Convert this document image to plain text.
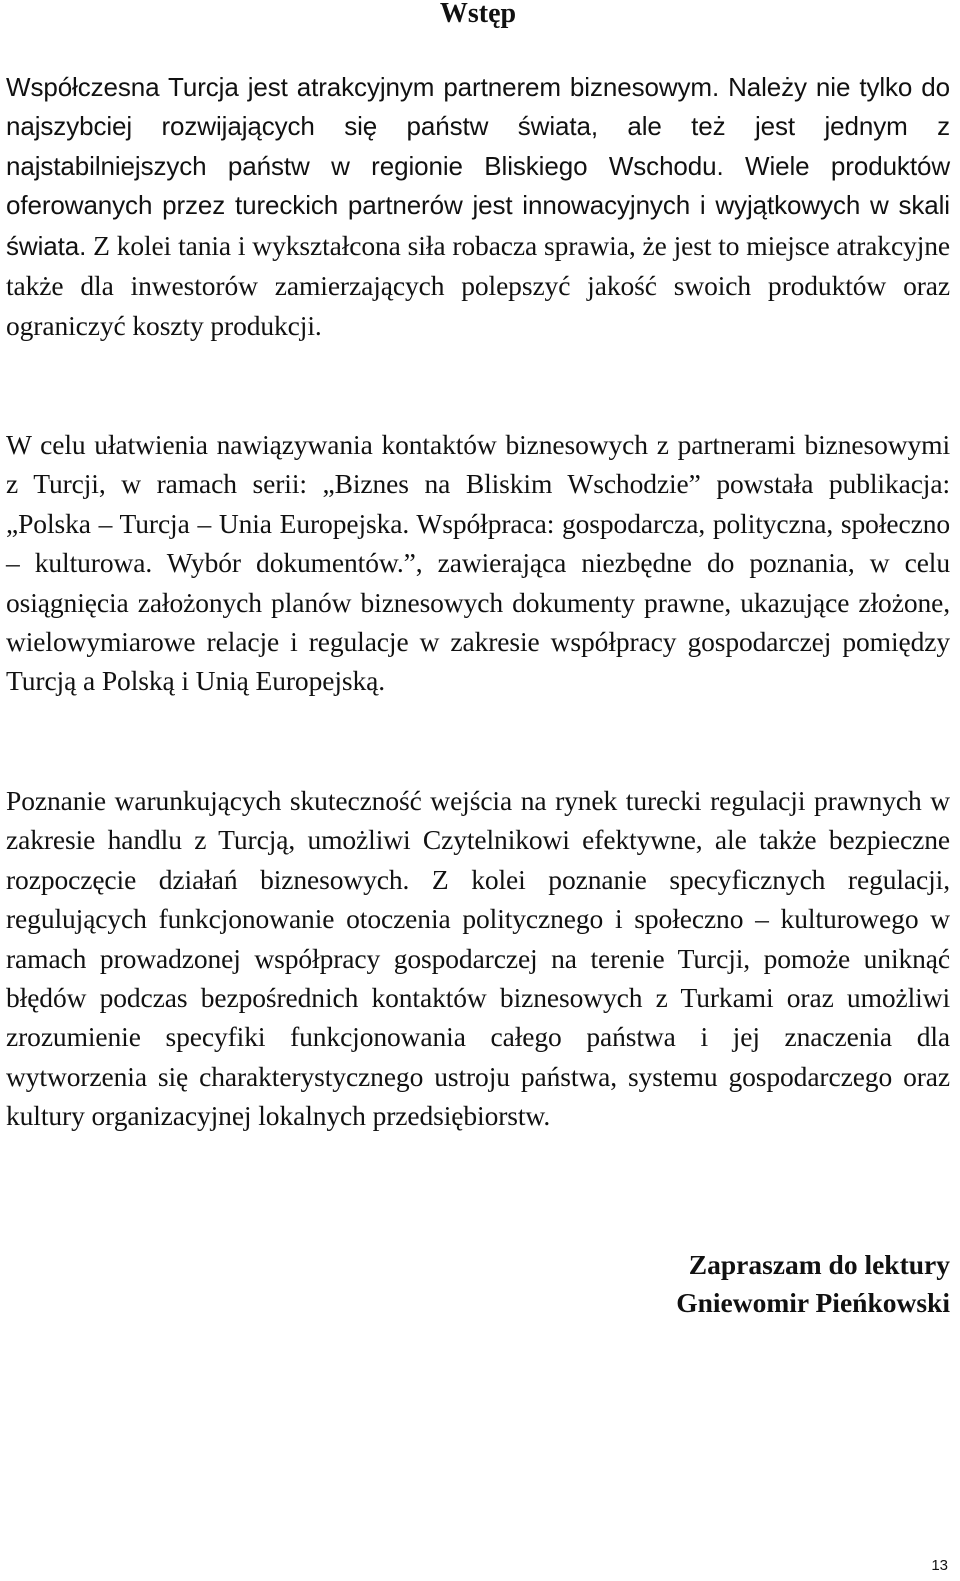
Wstęp

Współczesna Turcja jest atrakcyjnym partnerem biznesowym. Należy nie tylko do najszybciej rozwijających się państw świata, ale też jest jednym z najstabilniejszych państw w regionie Bliskiego Wschodu. Wiele produktów oferowanych przez tureckich partnerów jest innowacyjnych i wyjątkowych w skali świata. Z kolei tania i wykształcona siła robacza sprawia, że jest to miejsce atrakcyjne także dla inwestorów zamierzających polepszyć jakość swoich produktów oraz ograniczyć koszty produkcji.

W celu ułatwienia nawiązywania kontaktów biznesowych z partnerami biznesowymi z Turcji, w ramach serii: „Biznes na Bliskim Wschodzie” powstała publikacja: „Polska – Turcja – Unia Europejska. Współpraca: gospodarcza, polityczna, społeczno – kulturowa. Wybór dokumentów.”, zawierająca niezbędne do poznania, w celu osiągnięcia założonych planów biznesowych dokumenty prawne, ukazujące złożone, wielowymiarowe relacje i regulacje w zakresie współpracy gospodarczej pomiędzy Turcją a Polską i Unią Europejską.

Poznanie warunkujących skuteczność wejścia na rynek turecki regulacji prawnych w zakresie handlu z Turcją, umożliwi Czytelnikowi efektywne, ale także bezpieczne rozpoczęcie działań biznesowych. Z kolei poznanie specyficznych regulacji, regulujących funkcjonowanie otoczenia politycznego i społeczno – kulturowego w ramach prowadzonej współpracy gospodarczej na terenie Turcji, pomoże uniknąć błędów podczas bezpośrednich kontaktów biznesowych z Turkami oraz umożliwi zrozumienie specyfiki funkcjonowania całego państwa i jej znaczenia dla wytworzenia się charakterystycznego ustroju państwa, systemu gospodarczego oraz kultury organizacyjnej lokalnych przedsiębiorstw.

Zapraszam do lektury
Gniewomir Pieńkowski
13
